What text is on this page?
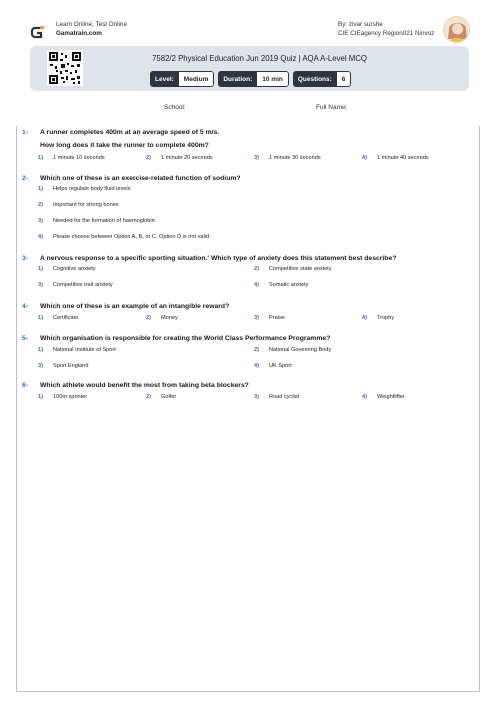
Learn Online, Test Online
Gamatrain.com
By: zivar surshe
CIE CIEagency Region021 Ninvoz
7582/2 Physical Education Jun 2019 Quiz | AQA A-Level MCQ
Level:	Medium	Duration:	10 min	Questions:	6
School:	Full Name:
1- A runner completes 400m at an average speed of 5 m/s.
How long does it take the runner to complete 400m?
1) 1 minute 10 seconds	2) 1 minute 20 seconds	3) 1 minute 30 seconds	4) 1 minute 40 seconds
2- Which one of these is an exercise-related function of sodium?
1) Helps regulate body fluid levels
2) Important for strong bones
3) Needed for the formation of haemoglobin
4) Please choose between Option A, B, or C. Option D is not valid.
3- A nervous response to a specific sporting situation.' Which type of anxiety does this statement best describe?
1) Cognitive anxiety	2) Competitive state anxiety
3) Competitive trait anxiety	4) Somatic anxiety
4- Which one of these is an example of an intangible reward?
1) Certificate	2) Money	3) Praise	4) Trophy
5- Which organisation is responsible for creating the World Class Performance Programme?
1) National Institute of Sport	2) National Governing Body
3) Sport England	4) UK Sport
6- Which athlete would benefit the most from taking beta blockers?
1) 100m sprinter	2) Golfer	3) Road cyclist	4) Weightlifter
